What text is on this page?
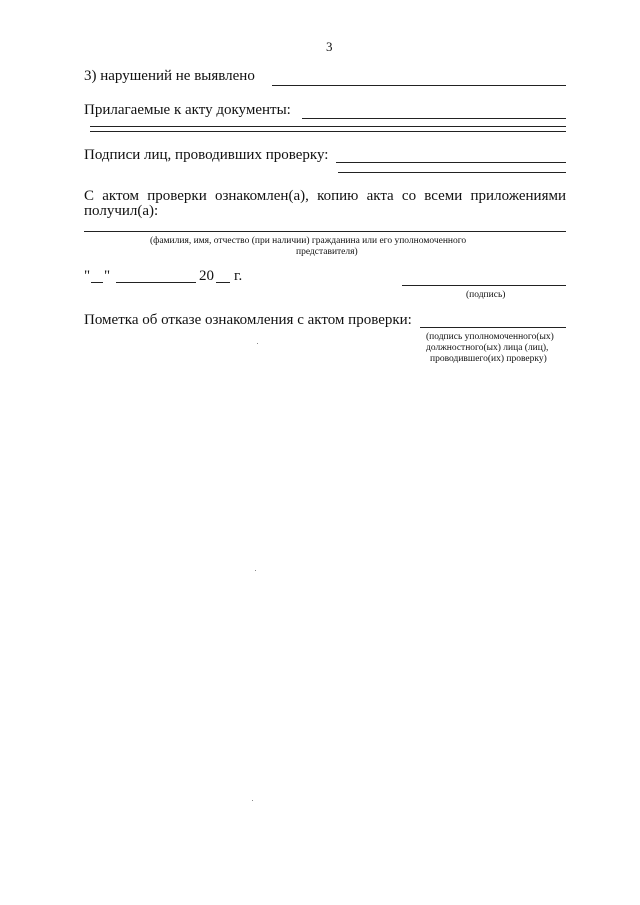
3
3) нарушений не выявлено
Прилагаемые к акту документы:
Подписи лиц, проводивших проверку:
С актом проверки ознакомлен(а), копию акта со всеми приложениями
получил(а):
(фамилия, имя, отчество (при наличии) гражданина или его уполномоченного
представителя)
" "	20 г.
(подпись)
Пометка об отказе ознакомления с актом проверки:
(подпись уполномоченного(ых)
должностного(ых) лица (лиц),
проводившего(их) проверку)
